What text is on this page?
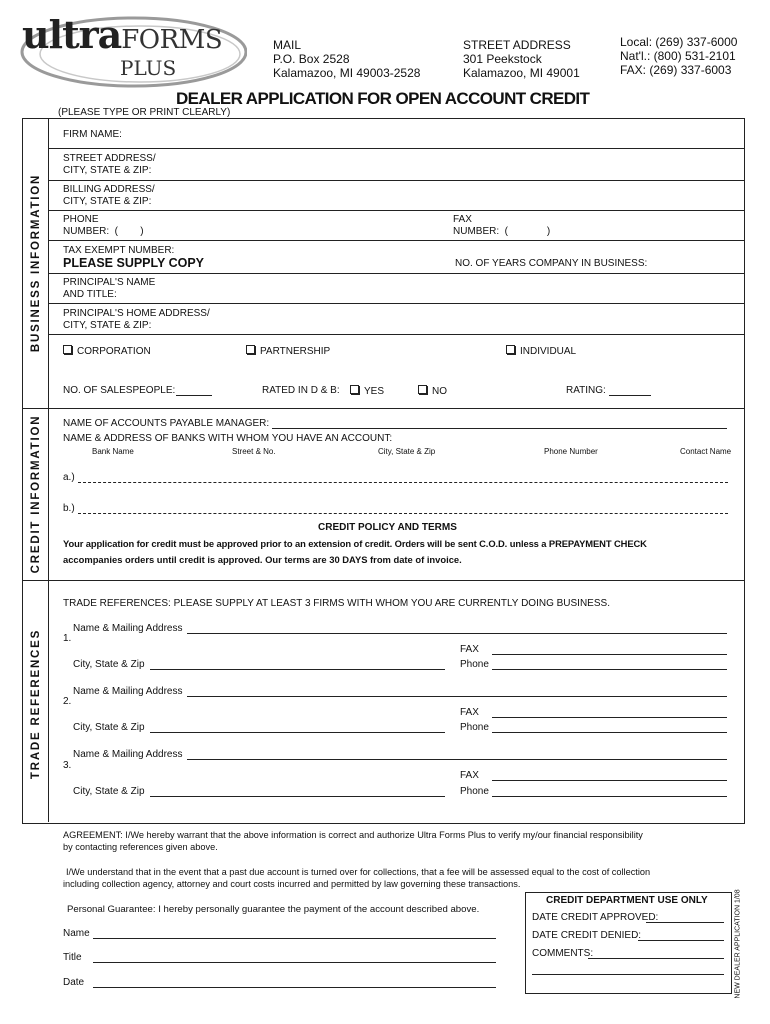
ultraFORMS
PLUS
MAIL
P.O. Box 2528
Kalamazoo, MI 49003-2528
STREET ADDRESS
301 Peekstock
Kalamazoo, MI 49001
Local: (269) 337-6000
Nat'l.: (800) 531-2101
FAX: (269) 337-6003
DEALER APPLICATION FOR OPEN ACCOUNT CREDIT
(PLEASE TYPE OR PRINT CLEARLY)
BUSINESS INFORMATION
CREDIT INFORMATION
TRADE REFERENCES
FIRM NAME:
STREET ADDRESS/
CITY, STATE & ZIP:
BILLING ADDRESS/
CITY, STATE & ZIP:
PHONE
NUMBER:  (        )
FAX
NUMBER:  (              )
TAX EXEMPT NUMBER:
PLEASE SUPPLY COPY	NO. OF YEARS COMPANY IN BUSINESS:
PRINCIPAL'S NAME
AND TITLE:
PRINCIPAL'S HOME ADDRESS/
CITY, STATE & ZIP:
CORPORATION	PARTNERSHIP	INDIVIDUAL
NO. OF SALESPEOPLE:	RATED IN D & B:	YES	NO	RATING:
NAME OF ACCOUNTS PAYABLE MANAGER:
NAME & ADDRESS OF BANKS WITH WHOM YOU HAVE AN ACCOUNT:
Bank Name	Street & No.	City, State & Zip	Phone Number	Contact Name
a.)
b.)
CREDIT POLICY AND TERMS
Your application for credit must be approved prior to an extension of credit. Orders will be sent C.O.D. unless a PREPAYMENT CHECK
accompanies orders until credit is approved. Our terms are 30 DAYS from date of invoice.
TRADE REFERENCES: PLEASE SUPPLY AT LEAST 3 FIRMS WITH WHOM YOU ARE CURRENTLY DOING BUSINESS.
Name & Mailing Address
1.
FAX
City, State & Zip	Phone
Name & Mailing Address
2.
FAX
City, State & Zip	Phone
Name & Mailing Address
3.
FAX
City, State & Zip	Phone
AGREEMENT: I/We hereby warrant that the above information is correct and authorize Ultra Forms Plus to verify my/our financial responsibility
by contacting references given above.
I/We understand that in the event that a past due account is turned over for collections, that a fee will be assessed equal to the cost of collection
including collection agency, attorney and court costs incurred and permitted by law governing these transactions.
Personal Guarantee: I hereby personally guarantee the payment of the account described above.
Name
Title
Date
CREDIT DEPARTMENT USE ONLY
DATE CREDIT APPROVED:
DATE CREDIT DENIED:
COMMENTS:	NEW DEALER APPLICATION 1/08
